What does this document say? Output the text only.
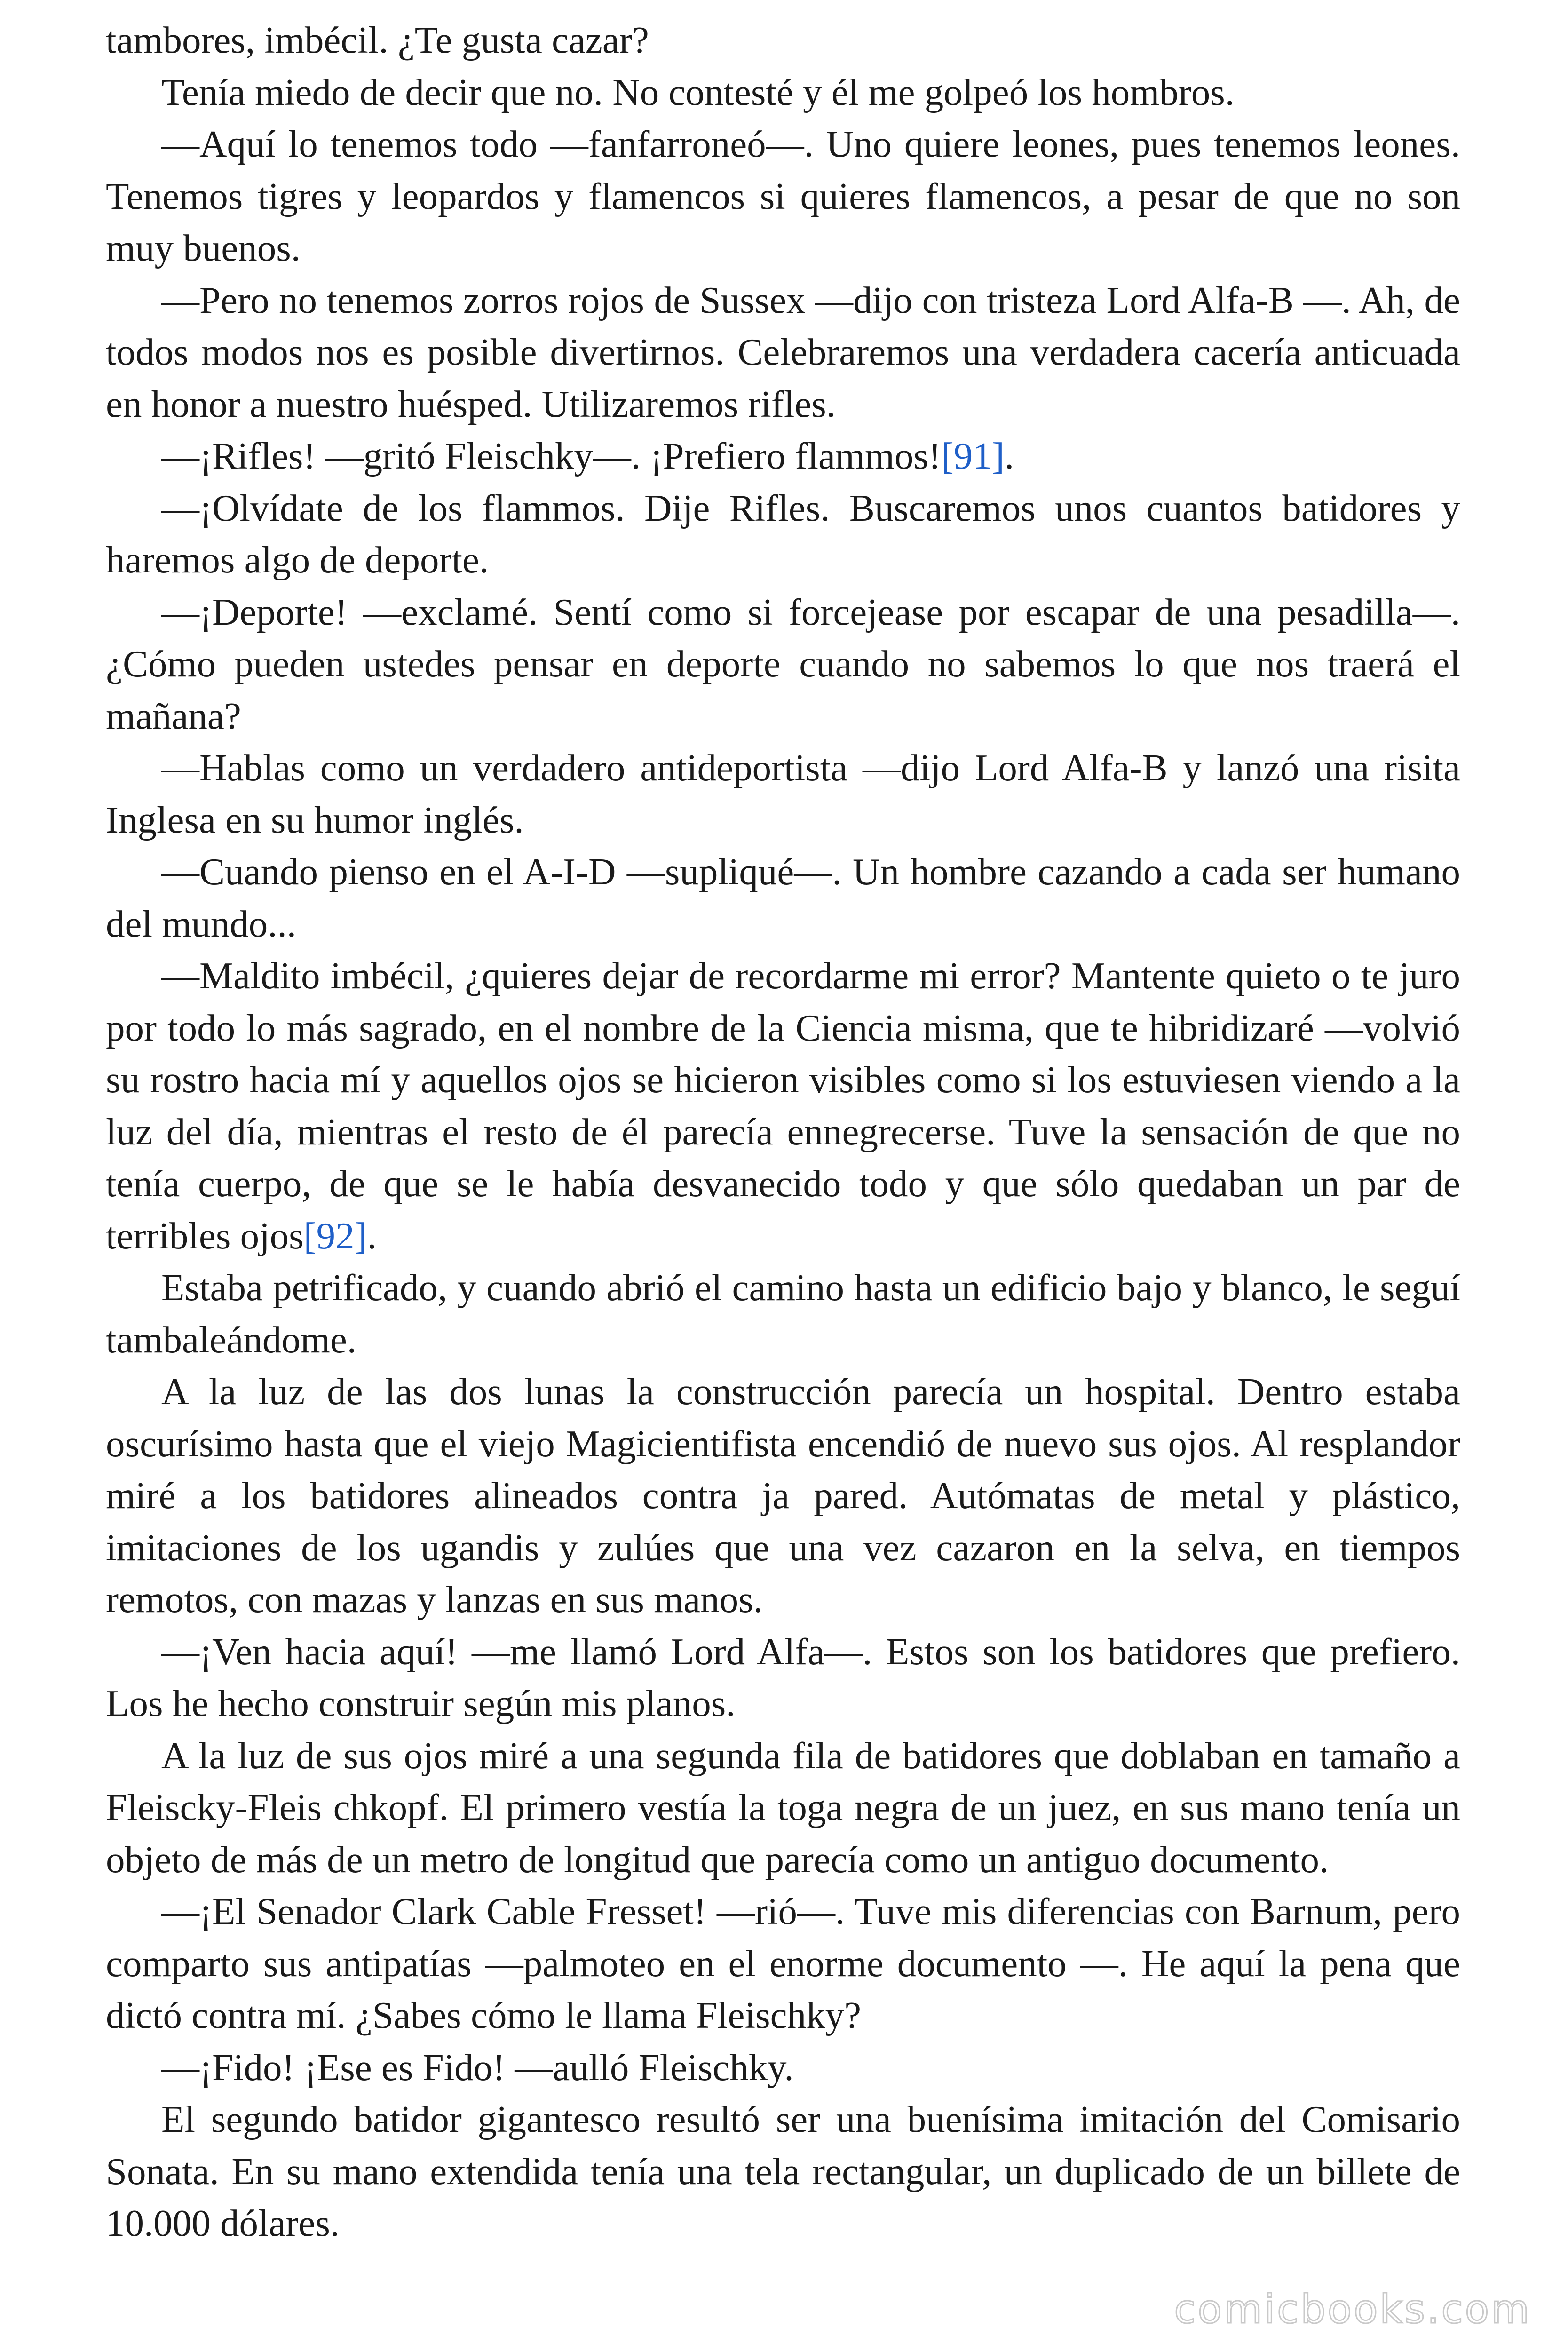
tambores, imbécil. ¿Te gusta cazar?

Tenía miedo de decir que no. No contesté y él me golpeó los hombros.

—Aquí lo tenemos todo —fanfarroneó—. Uno quiere leones, pues tenemos leones. Tenemos tigres y leopardos y flamencos si quieres flamencos, a pesar de que no son muy buenos.

—Pero no tenemos zorros rojos de Sussex —dijo con tristeza Lord Alfa-B —. Ah, de todos modos nos es posible divertirnos. Celebraremos una verdadera cacería anticuada en honor a nuestro huésped. Utilizaremos rifles.

—¡Rifles! —gritó Fleischky—. ¡Prefiero flammos![91].

—¡Olvídate de los flammos. Dije Rifles. Buscaremos unos cuantos batidores y haremos algo de deporte.

—¡Deporte! —exclamé. Sentí como si forcejease por escapar de una pesadilla—. ¿Cómo pueden ustedes pensar en deporte cuando no sabemos lo que nos traerá el mañana?

—Hablas como un verdadero antideportista —dijo Lord Alfa-B y lanzó una risita Inglesa en su humor inglés.

—Cuando pienso en el A-I-D —supliqué—. Un hombre cazando a cada ser humano del mundo...

—Maldito imbécil, ¿quieres dejar de recordarme mi error? Mantente quieto o te juro por todo lo más sagrado, en el nombre de la Ciencia misma, que te hibridizaré —volvió su rostro hacia mí y aquellos ojos se hicieron visibles como si los estuviesen viendo a la luz del día, mientras el resto de él parecía ennegrecerse. Tuve la sensación de que no tenía cuerpo, de que se le había desvanecido todo y que sólo quedaban un par de terribles ojos[92].

Estaba petrificado, y cuando abrió el camino hasta un edificio bajo y blanco, le seguí tambaleándome.

A la luz de las dos lunas la construcción parecía un hospital. Dentro estaba oscurísimo hasta que el viejo Magicientifista encendió de nuevo sus ojos. Al resplandor miré a los batidores alineados contra ja pared. Autómatas de metal y plástico, imitaciones de los ugandis y zulúes que una vez cazaron en la selva, en tiempos remotos, con mazas y lanzas en sus manos.

—¡Ven hacia aquí! —me llamó Lord Alfa—. Estos son los batidores que prefiero. Los he hecho construir según mis planos.

A la luz de sus ojos miré a una segunda fila de batidores que doblaban en tamaño a Fleiscky-Fleis chkopf. El primero vestía la toga negra de un juez, en sus mano tenía un objeto de más de un metro de longitud que parecía como un antiguo documento.

—¡El Senador Clark Cable Fresset! —rió—. Tuve mis diferencias con Barnum, pero comparto sus antipatías —palmoteo en el enorme documento —. He aquí la pena que dictó contra mí. ¿Sabes cómo le llama Fleischky?

—¡Fido! ¡Ese es Fido! —aulló Fleischky.

El segundo batidor gigantesco resultó ser una buenísima imitación del Comisario Sonata. En su mano extendida tenía una tela rectangular, un duplicado de un billete de 10.000 dólares.

comicbooks.com
